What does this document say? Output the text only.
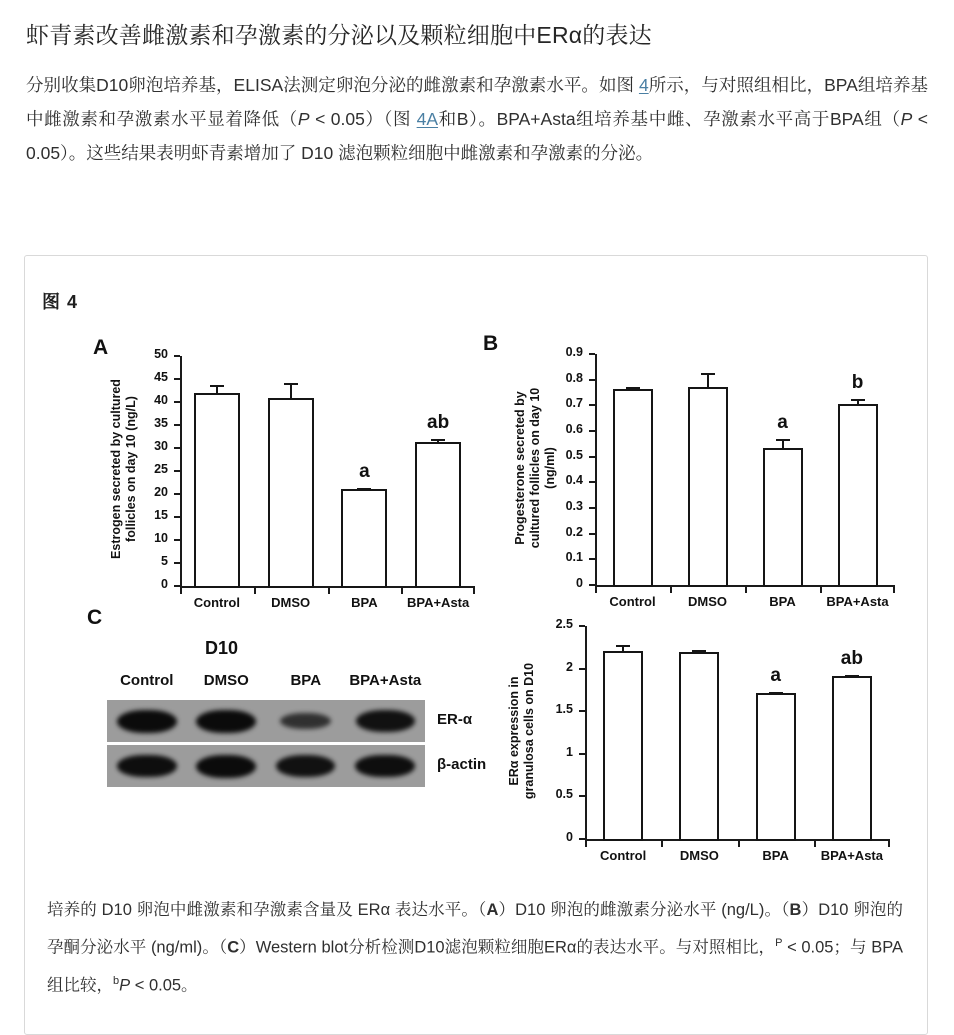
虾青素改善雌激素和孕激素的分泌以及颗粒细胞中ERα的表达

分别收集D10卵泡培养基，ELISA法测定卵泡分泌的雌激素和孕激素水平。如图 4所示，与对照组相比，BPA组培养基中雌激素和孕激素水平显着降低（P < 0.05）（图 4A和B）。BPA+Asta组培养基中雌、孕激素水平高于BPA组（P < 0.05）。这些结果表明虾青素增加了 D10 滤泡颗粒细胞中雌激素和孕激素的分泌。

图 4
A
0
5
10
15
20
25
30
35
40
45
50
Estrogen secreted by cultured follicles on day 10 (ng/L)
Control	DMSO
a
BPA
ab
BPA+Asta
B
0
0.1
0.2
0.3
0.4
0.5
0.6
0.7
0.8
0.9
Progesterone secreted by cultured follicles on day 10 (ng/ml)
Control	DMSO
a
BPA
b
BPA+Asta
0
0.5
1
1.5
2
2.5
ERα expression in granulosa cells on D10
Control	DMSO
a
BPA
ab
BPA+Asta
C
D10
Control	DMSO	BPA	BPA+Asta
ER-α
β-actin
培养的 D10 卵泡中雌激素和孕激素含量及 ERα 表达水平。（A）D10 卵泡的雌激素分泌水平 (ng/L)。（B）D10 卵泡的孕酮分泌水平 (ng/ml)。（C）Western blot分析检测D10滤泡颗粒细胞ERα的表达水平。与对照相比，$^P$ < 0.05；与 BPA 组比较，$^b$P < 0.05。
